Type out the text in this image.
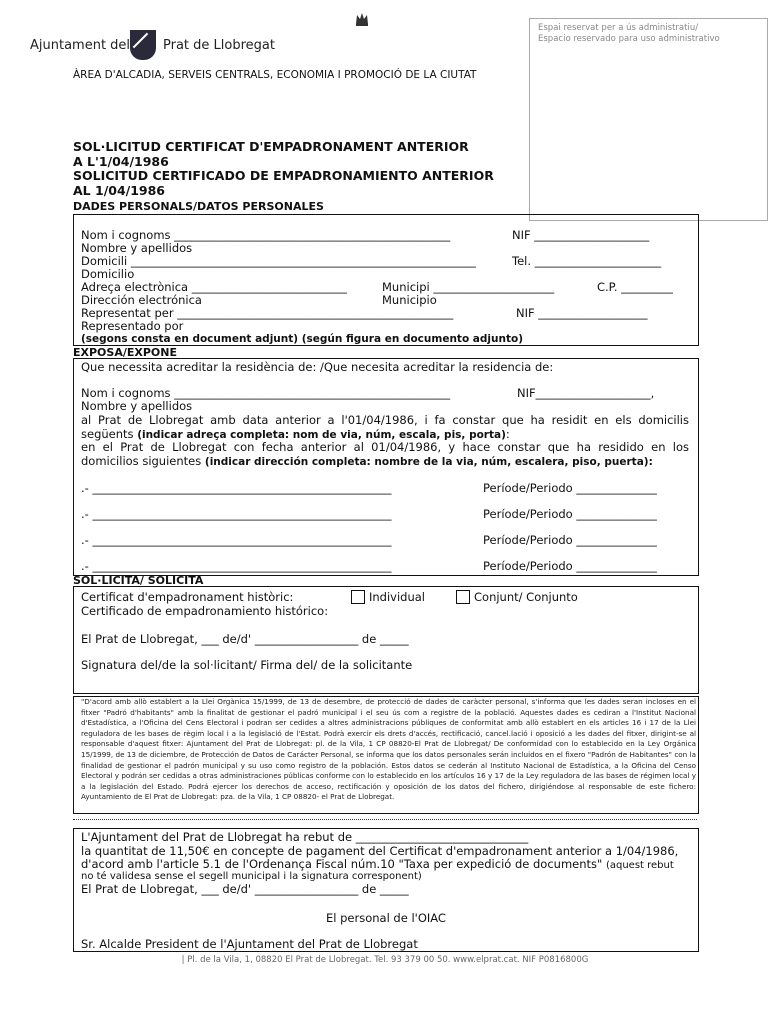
Ajuntament del	Prat de Llobregat
ÀREA D'ALCADIA, SERVEIS CENTRALS, ECONOMIA I PROMOCIÓ DE LA CIUTAT
Espai reservat per a ús administratiu/
Espacio reservado para uso administrativo
SOL·LICITUD CERTIFICAT D'EMPADRONAMENT ANTERIOR
A L'1/04/1986
SOLICITUD CERTIFICADO DE EMPADRONAMIENTO ANTERIOR
AL 1/04/1986
DADES PERSONALS/DATOS PERSONALES
Nom i cognoms ________________________________________________	NIF ____________________
Nombre y apellidos
Domicili ____________________________________________________________	Tel. ______________________
Domicilio
Adreça electrònica ___________________________	Municipi _____________________	C.P. _________
Dirección electrónica	Municipio
Representat per ________________________________________________	NIF ___________________
Representado por
(segons consta en document adjunt) (según figura en documento adjunto)
EXPOSA/EXPONE
Que necessita acreditar la residència de: /Que necesita acreditar la residencia de:
Nom i cognoms ________________________________________________	NIF____________________,
Nombre y apellidos
al Prat de Llobregat amb data anterior a l'01/04/1986, i fa constar que ha residit en els domicilis
següents (indicar adreça completa: nom de via, núm, escala, pis, porta):
en el Prat de Llobregat con fecha anterior al 01/04/1986, y hace constar que ha residido en los
domicilios siguientes (indicar dirección completa: nombre de la via, núm, escalera, piso, puerta):
.- ____________________________________________________	Període/Periodo ______________
.- ____________________________________________________	Període/Periodo ______________
.- ____________________________________________________	Període/Periodo ______________
.- ____________________________________________________	Període/Periodo ______________
SOL·LICITA/ SOLICITA
Certificat d'empadronament històric:	Individual	Conjunt/ Conjunto
Certificado de empadronamiento histórico:
El Prat de Llobregat, ___ de/d' __________________ de _____
Signatura del/de la sol·licitant/ Firma del/ de la solicitante
"D'acord amb allò establert a la Llei Orgànica 15/1999, de 13 de desembre, de protecció de dades de caràcter personal, s'informa que les dades seran incloses en el fitxer "Padró d'habitants" amb la finalitat de gestionar el padró municipal i el seu ús com a registre de la població. Aquestes dades es cediran a l'Institut Nacional d'Estadística, a l'Oficina del Cens Electoral i podran ser cedides a altres administracions públiques de conformitat amb allò establert en els articles 16 i 17 de la Llei reguladora de les bases de règim local i a la legislació de l'Estat. Podrà exercir els drets d'accés, rectificació, cancel.lació i oposició a les dades del fitxer, dirigint-se al responsable d'aquest fitxer: Ajuntament del Prat de Llobregat: pl. de la Vila, 1 CP 08820-El Prat de Llobregat/ De conformidad con lo establecido en la Ley Orgánica 15/1999, de 13 de diciembre, de Protección de Datos de Carácter Personal, se informa que los datos personales serán incluidos en el fixero "Padrón de Habitantes" con la finalidad de gestionar el padrón municipal y su uso como registro de la población. Estos datos se cederán al Instituto Nacional de Estadística, a la Oficina del Censo Electoral y podrán ser cedidas a otras administraciones públicas conforme con lo establecido en los artículos 16 y 17 de la Ley reguladora de las bases de régimen local y a la legislación del Estado. Podrá ejercer los derechos de acceso, rectificación y oposición de los datos del fichero, dirigiéndose al responsable de este fichero: Ayuntamiento de El Prat de Llobregat: pza. de la Vila, 1 CP 08820- el Prat de Llobregat.
L'Ajuntament del Prat de Llobregat ha rebut de ______________________________
la quantitat de 11,50€ en concepte de pagament del Certificat d'empadronament anterior a 1/04/1986,
d'acord amb l'article 5.1 de l'Ordenança Fiscal núm.10 "Taxa per expedició de documents" (aquest rebut
no té validesa sense el segell municipal i la signatura corresponent)
El Prat de Llobregat, ___ de/d' __________________ de _____
El personal de l'OIAC
Sr. Alcalde President de l'Ajuntament del Prat de Llobregat
| Pl. de la Vila, 1, 08820 El Prat de Llobregat. Tel. 93 379 00 50. www.elprat.cat. NIF P0816800G
